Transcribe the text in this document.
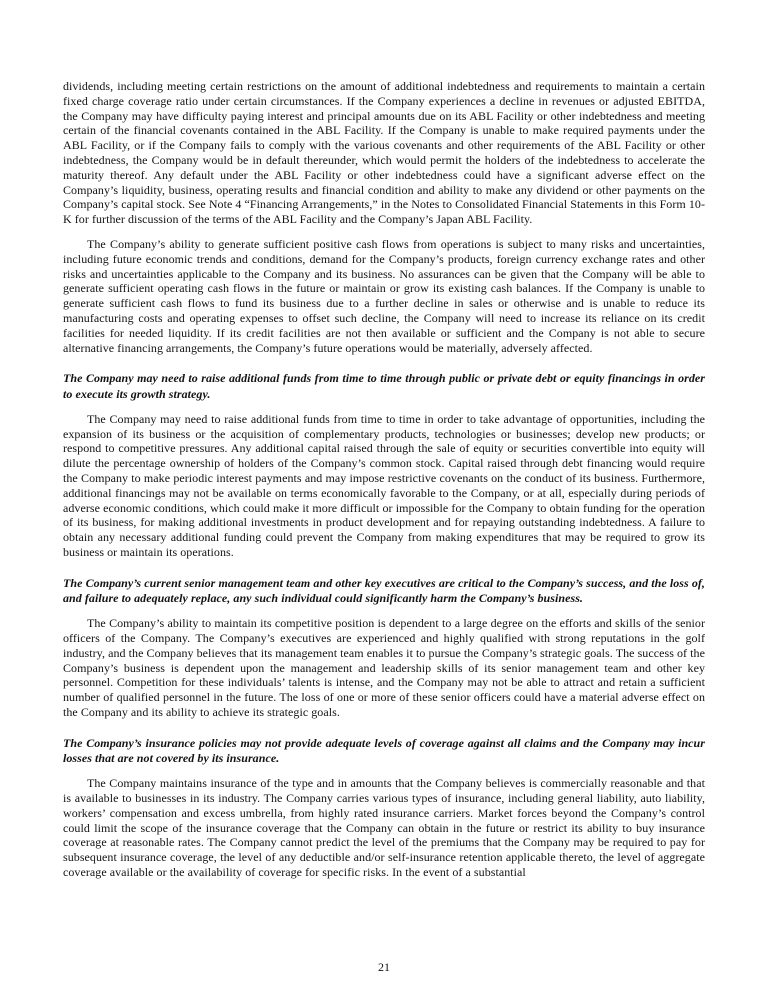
dividends, including meeting certain restrictions on the amount of additional indebtedness and requirements to maintain a certain fixed charge coverage ratio under certain circumstances. If the Company experiences a decline in revenues or adjusted EBITDA, the Company may have difficulty paying interest and principal amounts due on its ABL Facility or other indebtedness and meeting certain of the financial covenants contained in the ABL Facility. If the Company is unable to make required payments under the ABL Facility, or if the Company fails to comply with the various covenants and other requirements of the ABL Facility or other indebtedness, the Company would be in default thereunder, which would permit the holders of the indebtedness to accelerate the maturity thereof. Any default under the ABL Facility or other indebtedness could have a significant adverse effect on the Company’s liquidity, business, operating results and financial condition and ability to make any dividend or other payments on the Company’s capital stock. See Note 4 “Financing Arrangements,” in the Notes to Consolidated Financial Statements in this Form 10-K for further discussion of the terms of the ABL Facility and the Company’s Japan ABL Facility.

The Company’s ability to generate sufficient positive cash flows from operations is subject to many risks and uncertainties, including future economic trends and conditions, demand for the Company’s products, foreign currency exchange rates and other risks and uncertainties applicable to the Company and its business. No assurances can be given that the Company will be able to generate sufficient operating cash flows in the future or maintain or grow its existing cash balances. If the Company is unable to generate sufficient cash flows to fund its business due to a further decline in sales or otherwise and is unable to reduce its manufacturing costs and operating expenses to offset such decline, the Company will need to increase its reliance on its credit facilities for needed liquidity. If its credit facilities are not then available or sufficient and the Company is not able to secure alternative financing arrangements, the Company’s future operations would be materially, adversely affected.

The Company may need to raise additional funds from time to time through public or private debt or equity financings in order to execute its growth strategy.

The Company may need to raise additional funds from time to time in order to take advantage of opportunities, including the expansion of its business or the acquisition of complementary products, technologies or businesses; develop new products; or respond to competitive pressures. Any additional capital raised through the sale of equity or securities convertible into equity will dilute the percentage ownership of holders of the Company’s common stock. Capital raised through debt financing would require the Company to make periodic interest payments and may impose restrictive covenants on the conduct of its business. Furthermore, additional financings may not be available on terms economically favorable to the Company, or at all, especially during periods of adverse economic conditions, which could make it more difficult or impossible for the Company to obtain funding for the operation of its business, for making additional investments in product development and for repaying outstanding indebtedness. A failure to obtain any necessary additional funding could prevent the Company from making expenditures that may be required to grow its business or maintain its operations.

The Company’s current senior management team and other key executives are critical to the Company’s success, and the loss of, and failure to adequately replace, any such individual could significantly harm the Company’s business.

The Company’s ability to maintain its competitive position is dependent to a large degree on the efforts and skills of the senior officers of the Company. The Company’s executives are experienced and highly qualified with strong reputations in the golf industry, and the Company believes that its management team enables it to pursue the Company’s strategic goals. The success of the Company’s business is dependent upon the management and leadership skills of its senior management team and other key personnel. Competition for these individuals’ talents is intense, and the Company may not be able to attract and retain a sufficient number of qualified personnel in the future. The loss of one or more of these senior officers could have a material adverse effect on the Company and its ability to achieve its strategic goals.

The Company’s insurance policies may not provide adequate levels of coverage against all claims and the Company may incur losses that are not covered by its insurance.

The Company maintains insurance of the type and in amounts that the Company believes is commercially reasonable and that is available to businesses in its industry. The Company carries various types of insurance, including general liability, auto liability, workers’ compensation and excess umbrella, from highly rated insurance carriers. Market forces beyond the Company’s control could limit the scope of the insurance coverage that the Company can obtain in the future or restrict its ability to buy insurance coverage at reasonable rates. The Company cannot predict the level of the premiums that the Company may be required to pay for subsequent insurance coverage, the level of any deductible and/or self-insurance retention applicable thereto, the level of aggregate coverage available or the availability of coverage for specific risks. In the event of a substantial

21
